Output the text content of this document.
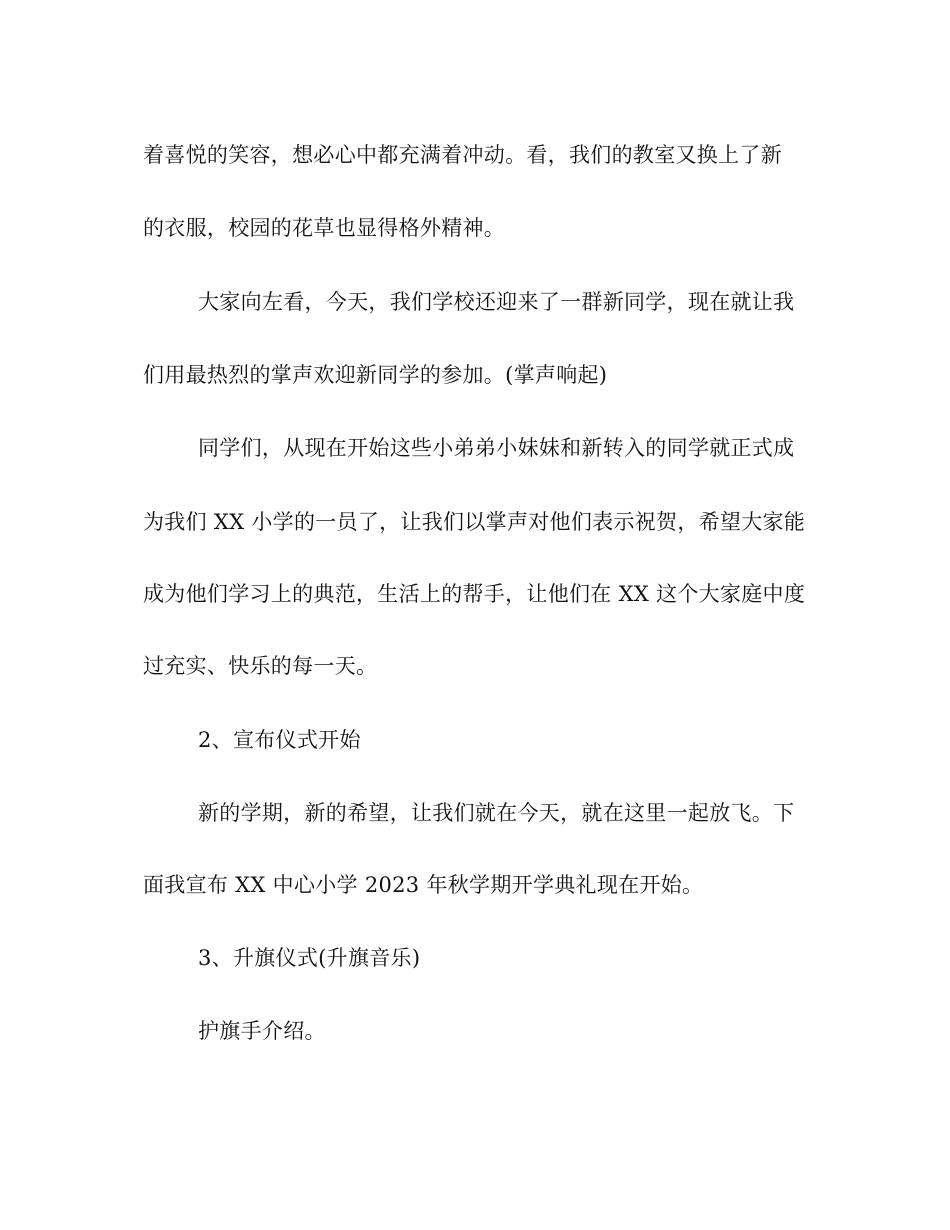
着喜悦的笑容，想必心中都充满着冲动。看，我们的教室又换上了新
的衣服，校园的花草也显得格外精神。
大家向左看，今天，我们学校还迎来了一群新同学，现在就让我
们用最热烈的掌声欢迎新同学的参加。(掌声响起)
同学们，从现在开始这些小弟弟小妹妹和新转入的同学就正式成
为我们 XX 小学的一员了，让我们以掌声对他们表示祝贺，希望大家能
成为他们学习上的典范，生活上的帮手，让他们在 XX 这个大家庭中度
过充实、快乐的每一天。
2、宣布仪式开始
新的学期，新的希望，让我们就在今天，就在这里一起放飞。下
面我宣布 XX 中心小学 2023 年秋学期开学典礼现在开始。
3、升旗仪式(升旗音乐)
护旗手介绍。
